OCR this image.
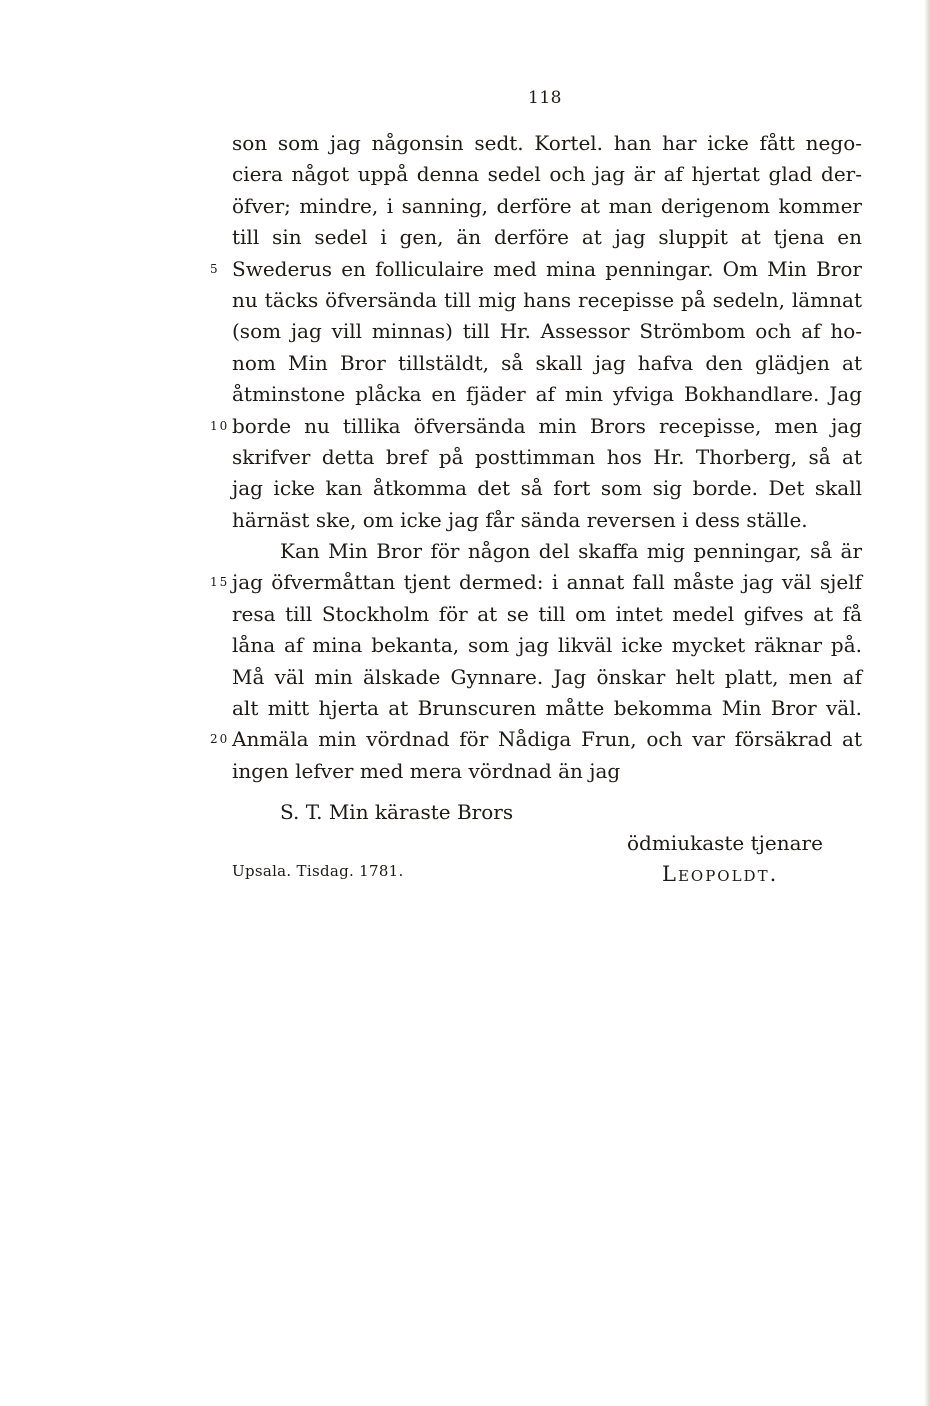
118
son som jag någonsin sedt. Kortel. han har icke fått nego-
ciera något uppå denna sedel och jag är af hjertat glad der-
öfver; mindre, i sanning, derföre at man derigenom kommer
till sin sedel i gen, än derföre at jag sluppit at tjena en
5 Swederus en folliculaire med mina penningar. Om Min Bror
nu täcks öfversända till mig hans recepisse på sedeln, lämnat
(som jag vill minnas) till Hr. Assessor Strömbom och af ho-
nom Min Bror tillstäldt, så skall jag hafva den glädjen at
åtminstone plåcka en fjäder af min yfviga Bokhandlare. Jag
10 borde nu tillika öfversända min Brors recepisse, men jag
skrifver detta bref på posttimman hos Hr. Thorberg, så at
jag icke kan åtkomma det så fort som sig borde. Det skall
härnäst ske, om icke jag får sända reversen i dess ställe.
Kan Min Bror för någon del skaffa mig penningar, så är
15 jag öfvermåttan tjent dermed: i annat fall måste jag väl sjelf
resa till Stockholm för at se till om intet medel gifves at få
låna af mina bekanta, som jag likväl icke mycket räknar på.
Må väl min älskade Gynnare. Jag önskar helt platt, men af
alt mitt hjerta at Brunscuren måtte bekomma Min Bror väl.
20 Anmäla min vördnad för Nådiga Frun, och var försäkrad at
ingen lefver med mera vördnad än jag
S. T. Min käraste Brors
ödmiukaste tjenare
Upsala. Tisdag. 1781.	Leopoldt.
